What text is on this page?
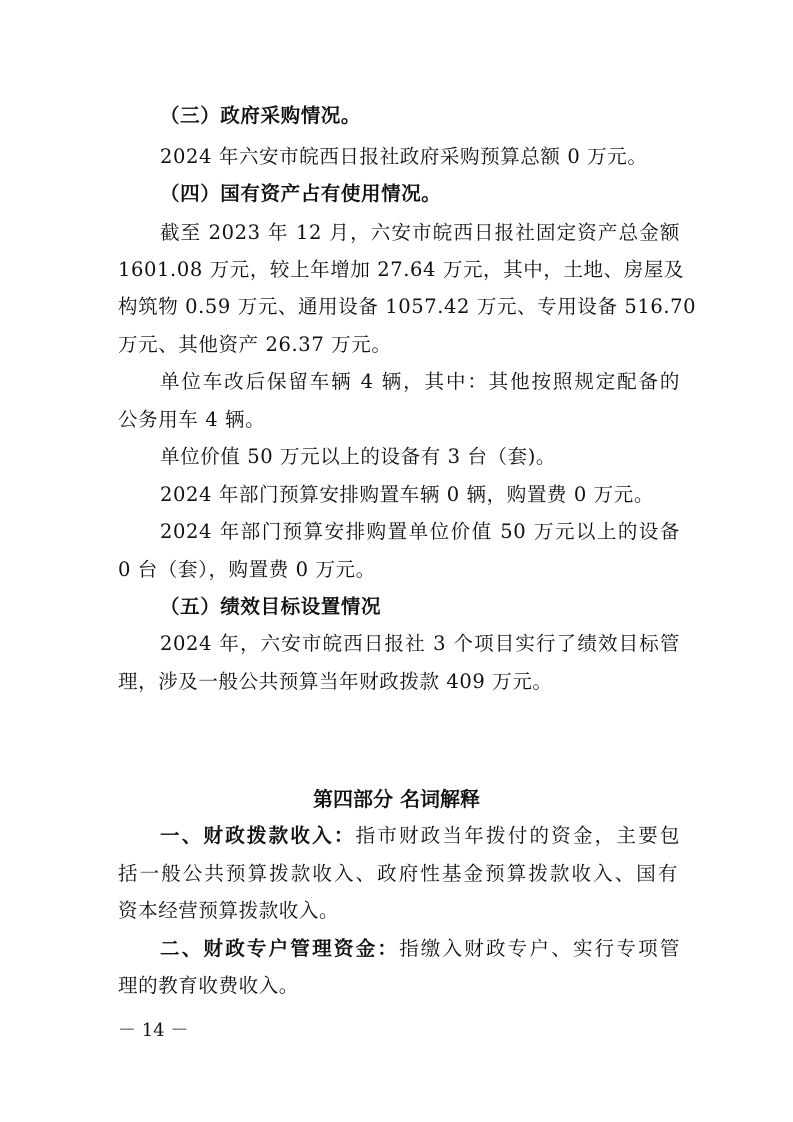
（三）政府采购情况。
2024 年六安市皖西日报社政府采购预算总额 0 万元。
（四）国有资产占有使用情况。
截至 2023 年 12 月，六安市皖西日报社固定资产总金额
1601.08 万元，较上年增加 27.64 万元，其中，土地、房屋及
构筑物 0.59 万元、通用设备 1057.42 万元、专用设备 516.70
万元、其他资产 26.37 万元。
单位车改后保留车辆 4 辆，其中：其他按照规定配备的
公务用车 4 辆。
单位价值 50 万元以上的设备有 3 台（套)。
2024 年部门预算安排购置车辆 0 辆，购置费 0 万元。
2024 年部门预算安排购置单位价值 50 万元以上的设备
0 台（套），购置费 0 万元。
（五）绩效目标设置情况
2024 年，六安市皖西日报社 3 个项目实行了绩效目标管
理，涉及一般公共预算当年财政拨款 409 万元。
第四部分 名词解释
一、财政拨款收入：指市财政当年拨付的资金，主要包
括一般公共预算拨款收入、政府性基金预算拨款收入、国有
资本经营预算拨款收入。
二、财政专户管理资金：指缴入财政专户、实行专项管
理的教育收费收入。
－ 14 －
